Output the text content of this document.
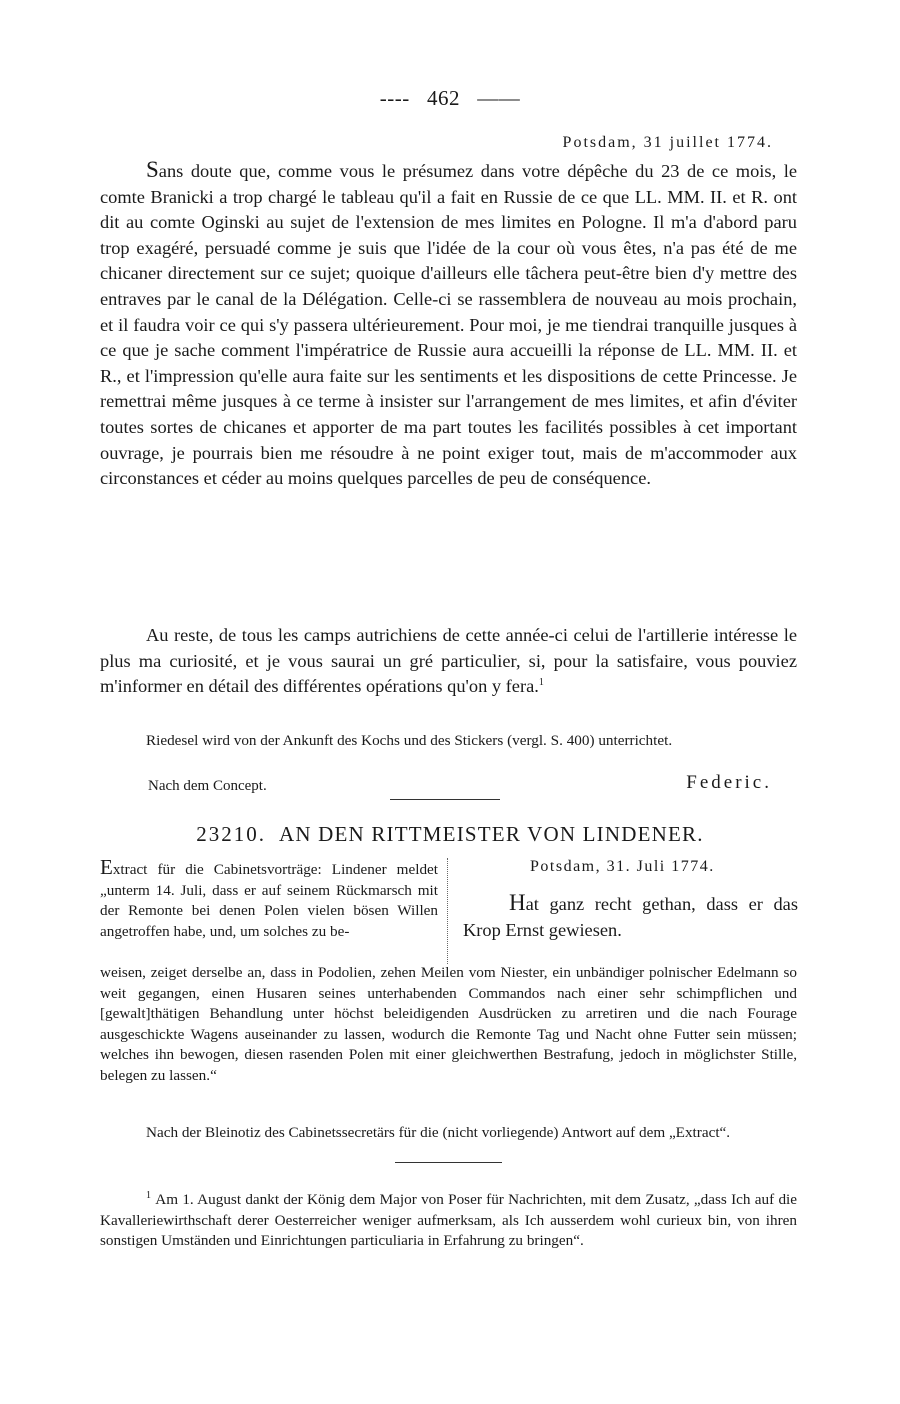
---- 462 ——
Potsdam, 31 juillet 1774.
Sans doute que, comme vous le présumez dans votre dépêche du 23 de ce mois, le comte Branicki a trop chargé le tableau qu'il a fait en Russie de ce que LL. MM. II. et R. ont dit au comte Oginski au sujet de l'extension de mes limites en Pologne. Il m'a d'abord paru trop exagéré, persuadé comme je suis que l'idée de la cour où vous êtes, n'a pas été de me chicaner directement sur ce sujet; quoique d'ailleurs elle tâchera peut-être bien d'y mettre des entraves par le canal de la Délégation. Celle-ci se rassemblera de nouveau au mois prochain, et il faudra voir ce qui s'y passera ultérieurement. Pour moi, je me tiendrai tranquille jusques à ce que je sache comment l'impératrice de Russie aura accueilli la réponse de LL. MM. II. et R., et l'impression qu'elle aura faite sur les sentiments et les dispositions de cette Princesse. Je remettrai même jusques à ce terme à insister sur l'arrangement de mes limites, et afin d'éviter toutes sortes de chicanes et apporter de ma part toutes les facilités possibles à cet important ouvrage, je pourrais bien me résoudre à ne point exiger tout, mais de m'accommoder aux circonstances et céder au moins quelques parcelles de peu de conséquence.
Au reste, de tous les camps autrichiens de cette année-ci celui de l'artillerie intéresse le plus ma curiosité, et je vous saurai un gré particulier, si, pour la satisfaire, vous pouviez m'informer en détail des différentes opérations qu'on y fera.$^1$
Riedesel wird von der Ankunft des Kochs und des Stickers (vergl. S. 400) unterrichtet.
Nach dem Concept.	Federic.
23210. AN DEN RITTMEISTER VON LINDENER.
Extract für die Cabinetsvorträge: Lindener meldet „unterm 14. Juli, dass er auf seinem Rückmarsch mit der Remonte bei denen Polen vielen bösen Willen angetroffen habe, und, um solches zu be-
Potsdam, 31. Juli 1774.
Hat ganz recht gethan, dass er das Krop Ernst gewiesen.
weisen, zeiget derselbe an, dass in Podolien, zehen Meilen vom Niester, ein unbändiger polnischer Edelmann so weit gegangen, einen Husaren seines unterhabenden Commandos nach einer sehr schimpflichen und [gewalt]thätigen Behandlung unter höchst beleidigenden Ausdrücken zu arretiren und die nach Fourage ausgeschickte Wagens auseinander zu lassen, wodurch die Remonte Tag und Nacht ohne Futter sein müssen; welches ihn bewogen, diesen rasenden Polen mit einer gleichwerthen Bestrafung, jedoch in möglichster Stille, belegen zu lassen.“
Nach der Bleinotiz des Cabinetssecretärs für die (nicht vorliegende) Antwort auf dem „Extract“.
$^1$ Am 1. August dankt der König dem Major von Poser für Nachrichten, mit dem Zusatz, „dass Ich auf die Kavalleriewirthschaft derer Oesterreicher weniger aufmerksam, als Ich ausserdem wohl curieux bin, von ihren sonstigen Umständen und Einrichtungen particuliaria in Erfahrung zu bringen“.
